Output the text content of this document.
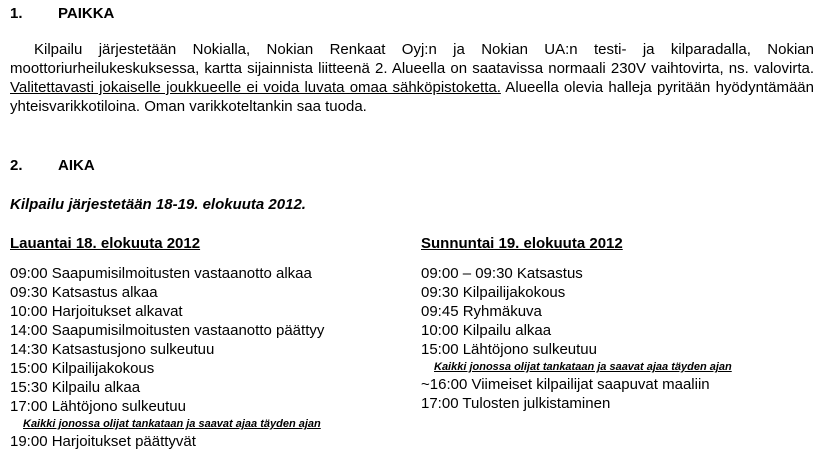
1. PAIKKA
Kilpailu järjestetään Nokialla, Nokian Renkaat Oyj:n ja Nokian UA:n testi- ja kilparadalla, Nokian moottoriurheilukeskuksessa, kartta sijainnista liitteenä 2. Alueella on saatavissa normaali 230V vaihtovirta, ns. valovirta. Valitettavasti jokaiselle joukkueelle ei voida luvata omaa sähköpistoketta. Alueella olevia halleja pyritään hyödyntämään yhteisvarikkotiloina. Oman varikkoteltankin saa tuoda.
2. AIKA
Kilpailu järjestetään 18-19. elokuuta 2012.
Lauantai 18. elokuuta 2012
09:00 Saapumisilmoitusten vastaanotto alkaa
09:30 Katsastus alkaa
10:00 Harjoitukset alkavat
14:00 Saapumisilmoitusten vastaanotto päättyy
14:30 Katsastusjono sulkeutuu
15:00 Kilpailijakokous
15:30 Kilpailu alkaa
17:00 Lähtöjono sulkeutuu
Kaikki jonossa olijat tankataan ja saavat ajaa täyden ajan
19:00 Harjoitukset päättyvät
Sunnuntai 19. elokuuta 2012
09:00 – 09:30 Katsastus
09:30 Kilpailijakokous
09:45 Ryhmäkuva
10:00 Kilpailu alkaa
15:00 Lähtöjono sulkeutuu
Kaikki jonossa olijat tankataan ja saavat ajaa täyden ajan
~16:00 Viimeiset kilpailijat saapuvat maaliin
17:00 Tulosten julkistaminen
